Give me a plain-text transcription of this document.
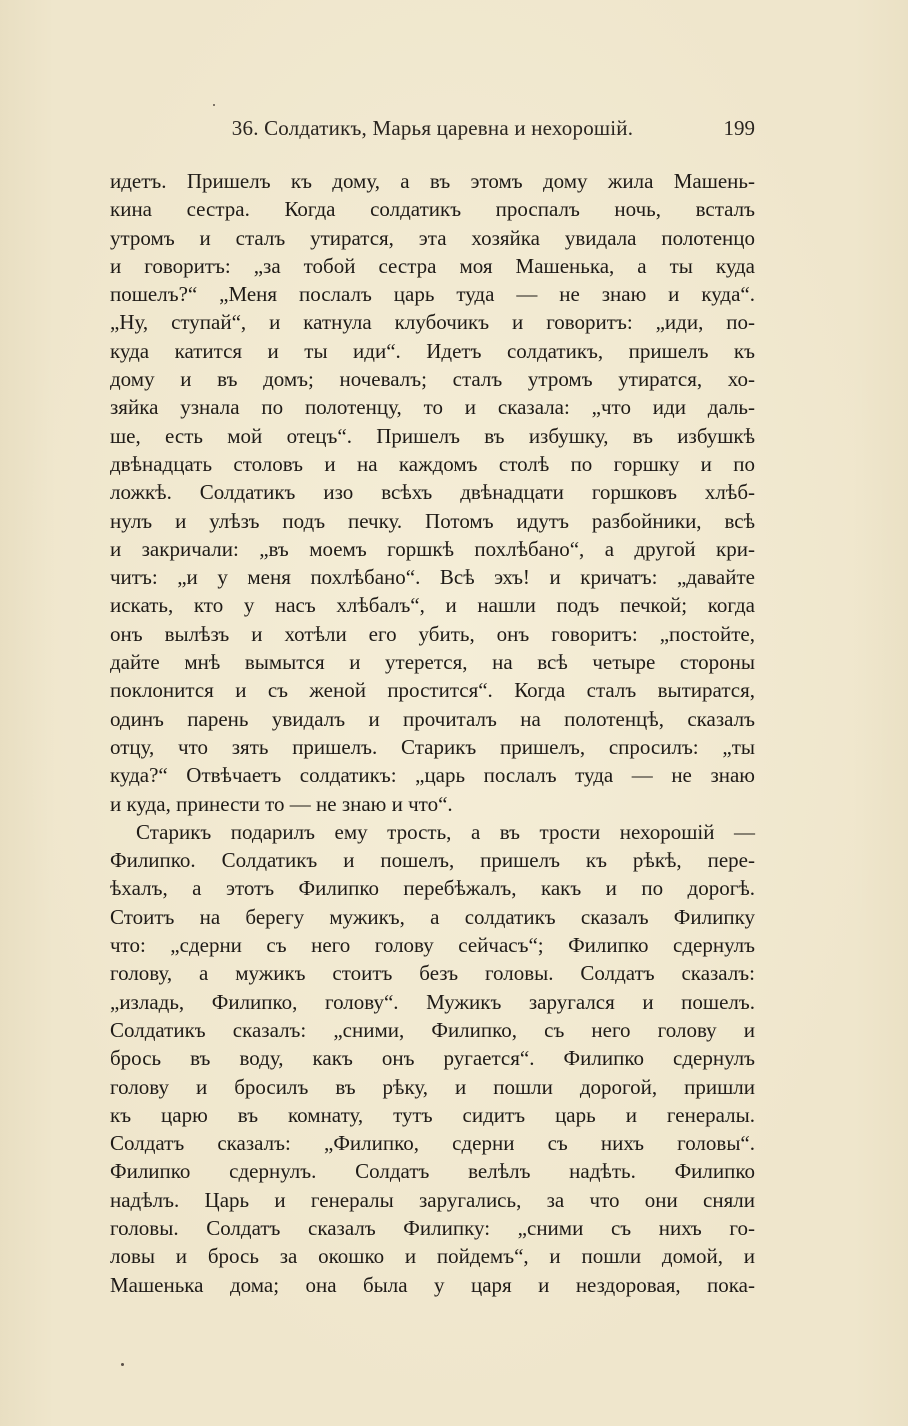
36. Солдатикъ, Марья царевна и нехорошій.	199
идетъ. Пришелъ къ дому, а въ этомъ дому жила Машень-
кина сестра. Когда солдатикъ проспалъ ночь, всталъ
утромъ и сталъ утиратся, эта хозяйка увидала полотенцо
и говоритъ: „за тобой сестра моя Машенька, а ты куда
пошелъ?“ „Меня послалъ царь туда — не знаю и куда“.
„Ну, ступай“, и катнула клубочикъ и говоритъ: „иди, по-
куда катится и ты иди“. Идетъ солдатикъ, пришелъ къ
дому и въ домъ; ночевалъ; сталъ утромъ утиратся, хо-
зяйка узнала по полотенцу, то и сказала: „что иди даль-
ше, есть мой отецъ“. Пришелъ въ избушку, въ избушкѣ
двѣнадцать столовъ и на каждомъ столѣ по горшку и по
ложкѣ. Солдатикъ изо всѣхъ двѣнадцати горшковъ хлѣб-
нулъ и улѣзъ подъ печку. Потомъ идутъ разбойники, всѣ
и закричали: „въ моемъ горшкѣ похлѣбано“, а другой кри-
читъ: „и у меня похлѣбано“. Всѣ эхъ! и кричатъ: „давайте
искать, кто у насъ хлѣбалъ“, и нашли подъ печкой; когда
онъ вылѣзъ и хотѣли его убить, онъ говоритъ: „постойте,
дайте мнѣ вымытся и утерется, на всѣ четыре стороны
поклонится и съ женой простится“. Когда сталъ вытиратся,
одинъ парень увидалъ и прочиталъ на полотенцѣ, сказалъ
отцу, что зять пришелъ. Старикъ пришелъ, спросилъ: „ты
куда?“ Отвѣчаетъ солдатикъ: „царь послалъ туда — не знаю
и куда, принести то — не знаю и что“.
Старикъ подарилъ ему трость, а въ трости нехорошій —
Филипко. Солдатикъ и пошелъ, пришелъ къ рѣкѣ, пере-
ѣхалъ, а этотъ Филипко перебѣжалъ, какъ и по дорогѣ.
Стоитъ на берегу мужикъ, а солдатикъ сказалъ Филипку
что: „сдерни съ него голову сейчасъ“; Филипко сдернулъ
голову, а мужикъ стоитъ безъ головы. Солдатъ сказалъ:
„изладь, Филипко, голову“. Мужикъ заругался и пошелъ.
Солдатикъ сказалъ: „сними, Филипко, съ него голову и
брось въ воду, какъ онъ ругается“. Филипко сдернулъ
голову и бросилъ въ рѣку, и пошли дорогой, пришли
къ царю въ комнату, тутъ сидитъ царь и генералы.
Солдатъ сказалъ: „Филипко, сдерни съ нихъ головы“.
Филипко сдернулъ. Солдатъ велѣлъ надѣть. Филипко
надѣлъ. Царь и генералы заругались, за что они сняли
головы. Солдатъ сказалъ Филипку: „сними съ нихъ го-
ловы и брось за окошко и пойдемъ“, и пошли домой, и
Машенька дома; она была у царя и нездоровая, пока-
